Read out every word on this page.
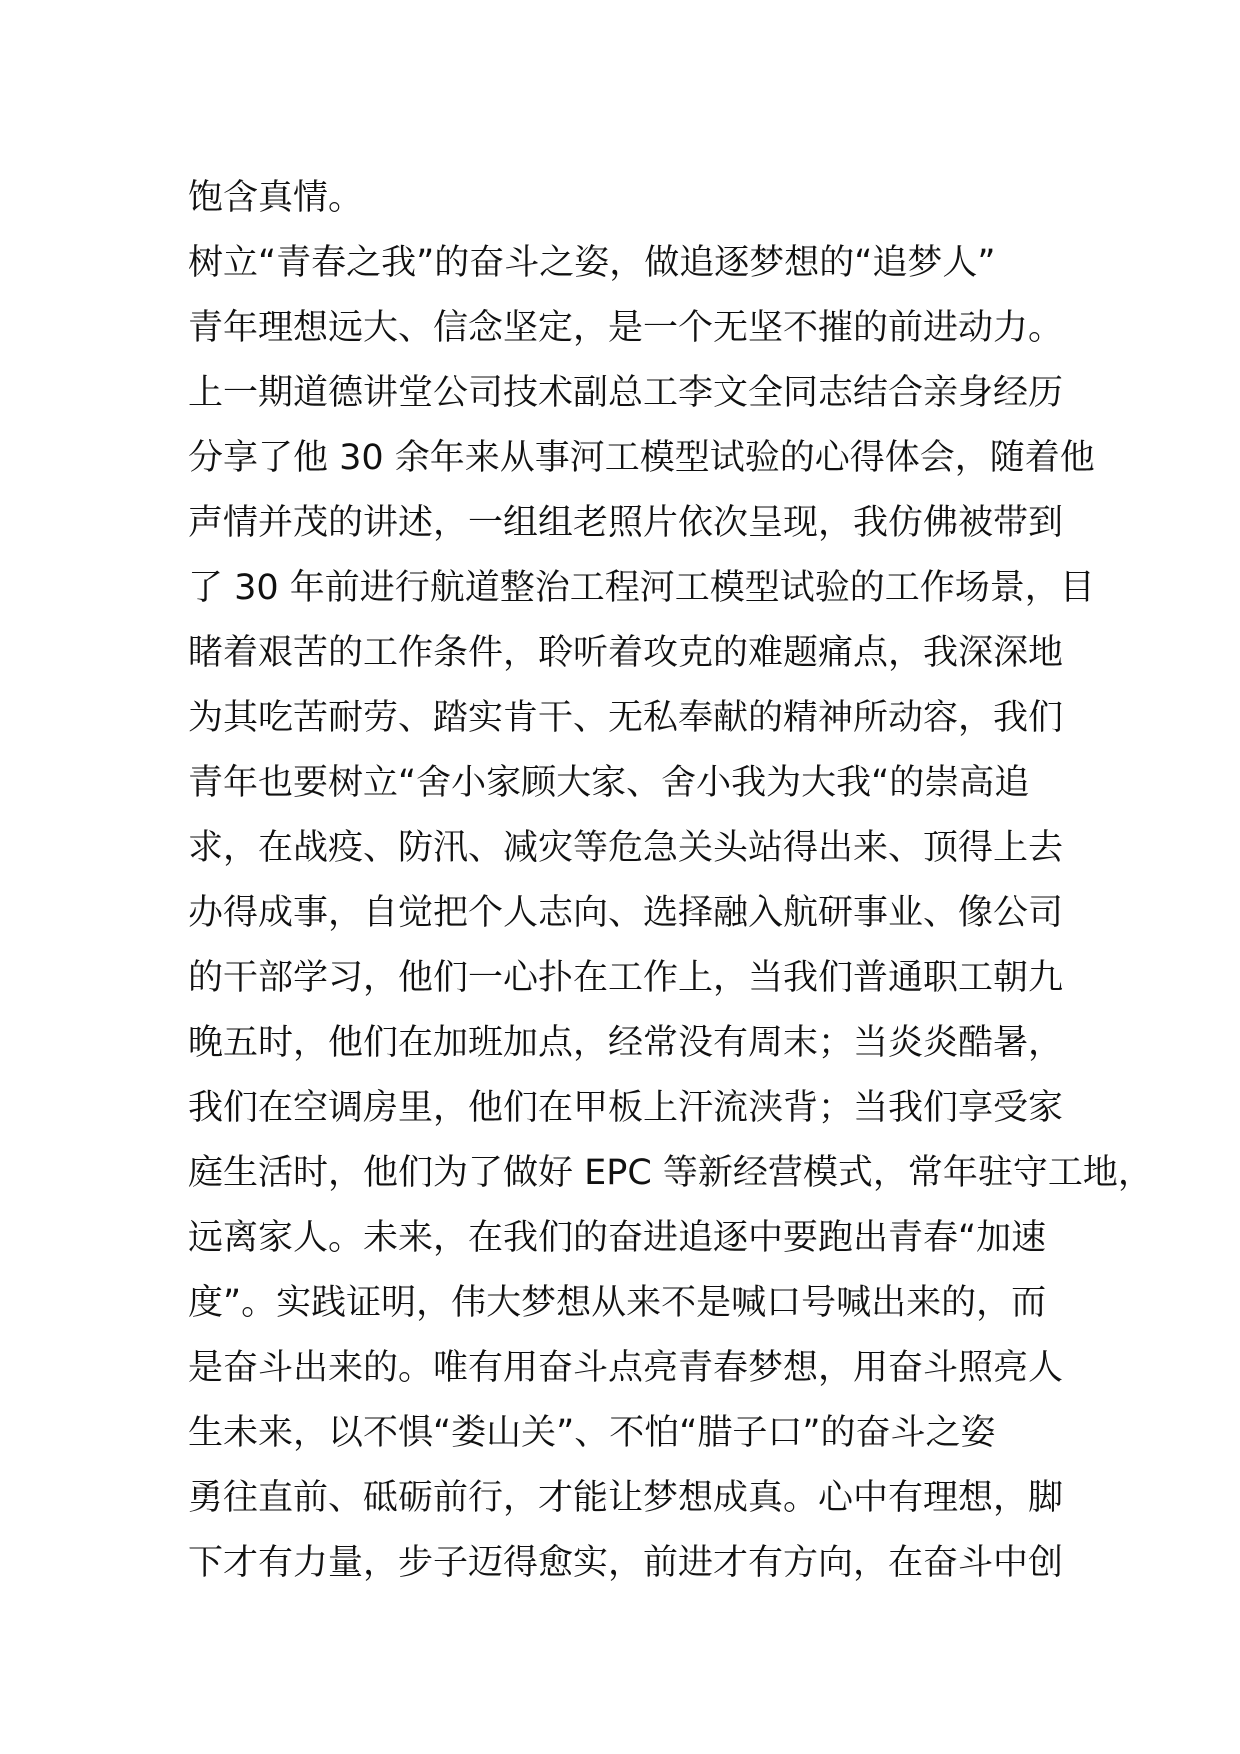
饱含真情。
树立“青春之我”的奋斗之姿，做追逐梦想的“追梦人”
青年理想远大、信念坚定，是一个无坚不摧的前进动力。
上一期道德讲堂公司技术副总工李文全同志结合亲身经历
分享了他 30 余年来从事河工模型试验的心得体会，随着他
声情并茂的讲述，一组组老照片依次呈现，我仿佛被带到
了 30 年前进行航道整治工程河工模型试验的工作场景，目
睹着艰苦的工作条件，聆听着攻克的难题痛点，我深深地
为其吃苦耐劳、踏实肯干、无私奉献的精神所动容，我们
青年也要树立“舍小家顾大家、舍小我为大我“的崇高追
求，在战疫、防汛、减灾等危急关头站得出来、顶得上去
办得成事，自觉把个人志向、选择融入航研事业、像公司
的干部学习，他们一心扑在工作上，当我们普通职工朝九
晚五时，他们在加班加点，经常没有周末；当炎炎酷暑，
我们在空调房里，他们在甲板上汗流浃背；当我们享受家
庭生活时，他们为了做好 EPC 等新经营模式，常年驻守工地，
远离家人。未来，在我们的奋进追逐中要跑出青春“加速
度”。实践证明，伟大梦想从来不是喊口号喊出来的，而
是奋斗出来的。唯有用奋斗点亮青春梦想，用奋斗照亮人
生未来，以不惧“娄山关”、不怕“腊子口”的奋斗之姿
勇往直前、砥砺前行，才能让梦想成真。心中有理想，脚
下才有力量，步子迈得愈实，前进才有方向，在奋斗中创
